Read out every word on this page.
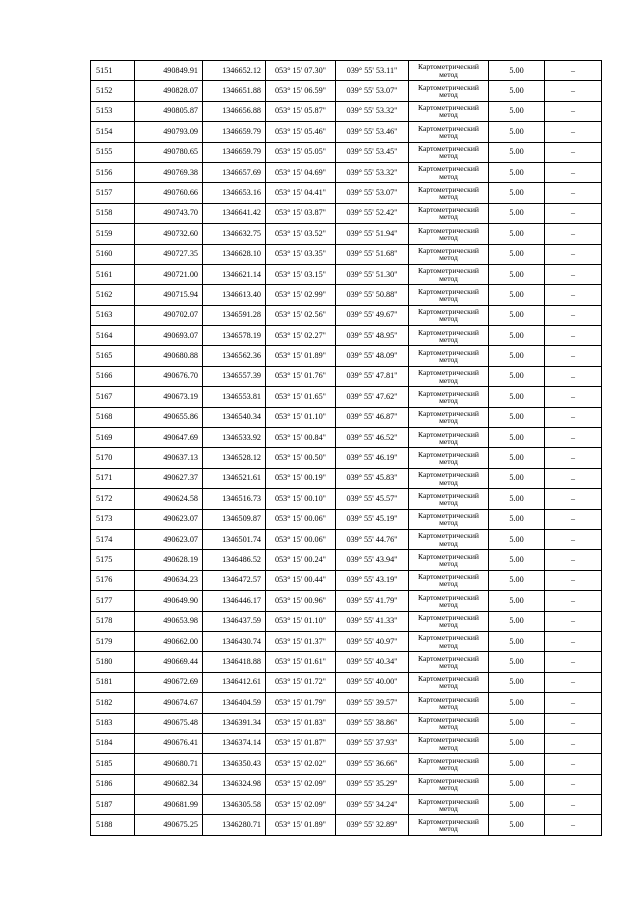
5151	490849.91	1346652.12	053° 15' 07.30"	039° 55' 53.11"	Картометрический метод	5.00	–
5152	490828.07	1346651.88	053° 15' 06.59"	039° 55' 53.07"	Картометрический метод	5.00	–
5153	490805.87	1346656.88	053° 15' 05.87"	039° 55' 53.32"	Картометрический метод	5.00	–
5154	490793.09	1346659.79	053° 15' 05.46"	039° 55' 53.46"	Картометрический метод	5.00	–
5155	490780.65	1346659.79	053° 15' 05.05"	039° 55' 53.45"	Картометрический метод	5.00	–
5156	490769.38	1346657.69	053° 15' 04.69"	039° 55' 53.32"	Картометрический метод	5.00	–
5157	490760.66	1346653.16	053° 15' 04.41"	039° 55' 53.07"	Картометрический метод	5.00	–
5158	490743.70	1346641.42	053° 15' 03.87"	039° 55' 52.42"	Картометрический метод	5.00	–
5159	490732.60	1346632.75	053° 15' 03.52"	039° 55' 51.94"	Картометрический метод	5.00	–
5160	490727.35	1346628.10	053° 15' 03.35"	039° 55' 51.68"	Картометрический метод	5.00	–
5161	490721.00	1346621.14	053° 15' 03.15"	039° 55' 51.30"	Картометрический метод	5.00	–
5162	490715.94	1346613.40	053° 15' 02.99"	039° 55' 50.88"	Картометрический метод	5.00	–
5163	490702.07	1346591.28	053° 15' 02.56"	039° 55' 49.67"	Картометрический метод	5.00	–
5164	490693.07	1346578.19	053° 15' 02.27"	039° 55' 48.95"	Картометрический метод	5.00	–
5165	490680.88	1346562.36	053° 15' 01.89"	039° 55' 48.09"	Картометрический метод	5.00	–
5166	490676.70	1346557.39	053° 15' 01.76"	039° 55' 47.81"	Картометрический метод	5.00	–
5167	490673.19	1346553.81	053° 15' 01.65"	039° 55' 47.62"	Картометрический метод	5.00	–
5168	490655.86	1346540.34	053° 15' 01.10"	039° 55' 46.87"	Картометрический метод	5.00	–
5169	490647.69	1346533.92	053° 15' 00.84"	039° 55' 46.52"	Картометрический метод	5.00	–
5170	490637.13	1346528.12	053° 15' 00.50"	039° 55' 46.19"	Картометрический метод	5.00	–
5171	490627.37	1346521.61	053° 15' 00.19"	039° 55' 45.83"	Картометрический метод	5.00	–
5172	490624.58	1346516.73	053° 15' 00.10"	039° 55' 45.57"	Картометрический метод	5.00	–
5173	490623.07	1346509.87	053° 15' 00.06"	039° 55' 45.19"	Картометрический метод	5.00	–
5174	490623.07	1346501.74	053° 15' 00.06"	039° 55' 44.76"	Картометрический метод	5.00	–
5175	490628.19	1346486.52	053° 15' 00.24"	039° 55' 43.94"	Картометрический метод	5.00	–
5176	490634.23	1346472.57	053° 15' 00.44"	039° 55' 43.19"	Картометрический метод	5.00	–
5177	490649.90	1346446.17	053° 15' 00.96"	039° 55' 41.79"	Картометрический метод	5.00	–
5178	490653.98	1346437.59	053° 15' 01.10"	039° 55' 41.33"	Картометрический метод	5.00	–
5179	490662.00	1346430.74	053° 15' 01.37"	039° 55' 40.97"	Картометрический метод	5.00	–
5180	490669.44	1346418.88	053° 15' 01.61"	039° 55' 40.34"	Картометрический метод	5.00	–
5181	490672.69	1346412.61	053° 15' 01.72"	039° 55' 40.00"	Картометрический метод	5.00	–
5182	490674.67	1346404.59	053° 15' 01.79"	039° 55' 39.57"	Картометрический метод	5.00	–
5183	490675.48	1346391.34	053° 15' 01.83"	039° 55' 38.86"	Картометрический метод	5.00	–
5184	490676.41	1346374.14	053° 15' 01.87"	039° 55' 37.93"	Картометрический метод	5.00	–
5185	490680.71	1346350.43	053° 15' 02.02"	039° 55' 36.66"	Картометрический метод	5.00	–
5186	490682.34	1346324.98	053° 15' 02.09"	039° 55' 35.29"	Картометрический метод	5.00	–
5187	490681.99	1346305.58	053° 15' 02.09"	039° 55' 34.24"	Картометрический метод	5.00	–
5188	490675.25	1346280.71	053° 15' 01.89"	039° 55' 32.89"	Картометрический метод	5.00	–
